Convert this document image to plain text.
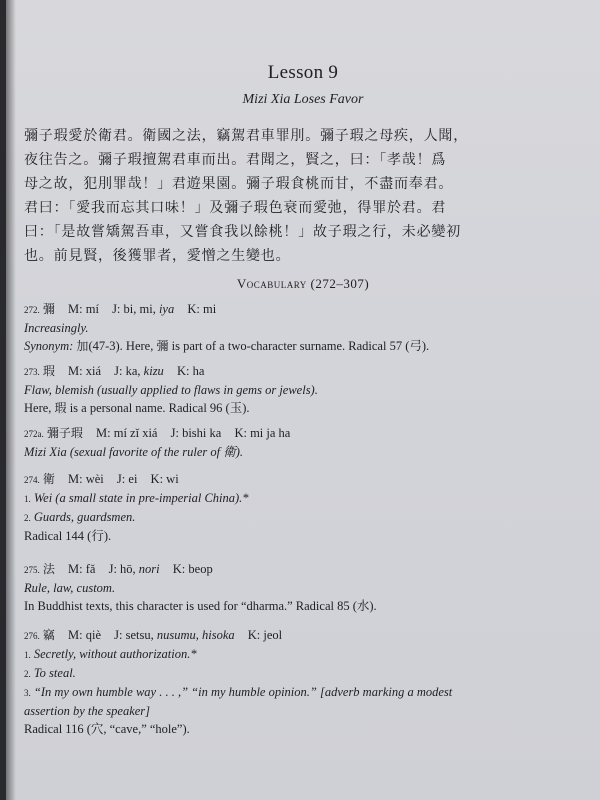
Lesson 9
Mizi Xia Loses Favor
彌子瑕愛於衛君。衛國之法，竊駕君車罪刖。彌子瑕之母疾，人聞，
夜往告之。彌子瑕擅駕君車而出。君聞之，賢之，曰：「孝哉！爲
母之故，犯刖罪哉！」君遊果園。彌子瑕食桃而甘，不盡而奉君。
君曰：「愛我而忘其口味！」及彌子瑕色衰而愛弛，得罪於君。君
曰：「是故嘗矯駕吾車，又嘗食我以餘桃！」故子瑕之行，未必變初
也。前見賢，後獲罪者，愛憎之生變也。
Vocabulary (272–307)
272. 彌 M: mí J: bi, mi, iya K: mi
Increasingly.
Synonym: 加(47-3). Here, 彌 is part of a two-character surname. Radical 57 (弓).
273. 瑕 M: xiá J: ka, kizu K: ha
Flaw, blemish (usually applied to flaws in gems or jewels).
Here, 瑕 is a personal name. Radical 96 (玉).
272a. 彌子瑕 M: mí zǐ xiá J: bishi ka K: mi ja ha
Mizi Xia (sexual favorite of the ruler of 衛).
274. 衛 M: wèi J: ei K: wi
1. Wei (a small state in pre-imperial China).*
2. Guards, guardsmen.
Radical 144 (行).
275. 法 M: fǎ J: hō, nori K: beop
Rule, law, custom.
In Buddhist texts, this character is used for “dharma.” Radical 85 (水).
276. 竊 M: qiè J: setsu, nusumu, hisoka K: jeol
1. Secretly, without authorization.*
2. To steal.
3. “In my own humble way . . . ,” “in my humble opinion.” [adverb marking a modest
assertion by the speaker]
Radical 116 (穴, “cave,” “hole”).
